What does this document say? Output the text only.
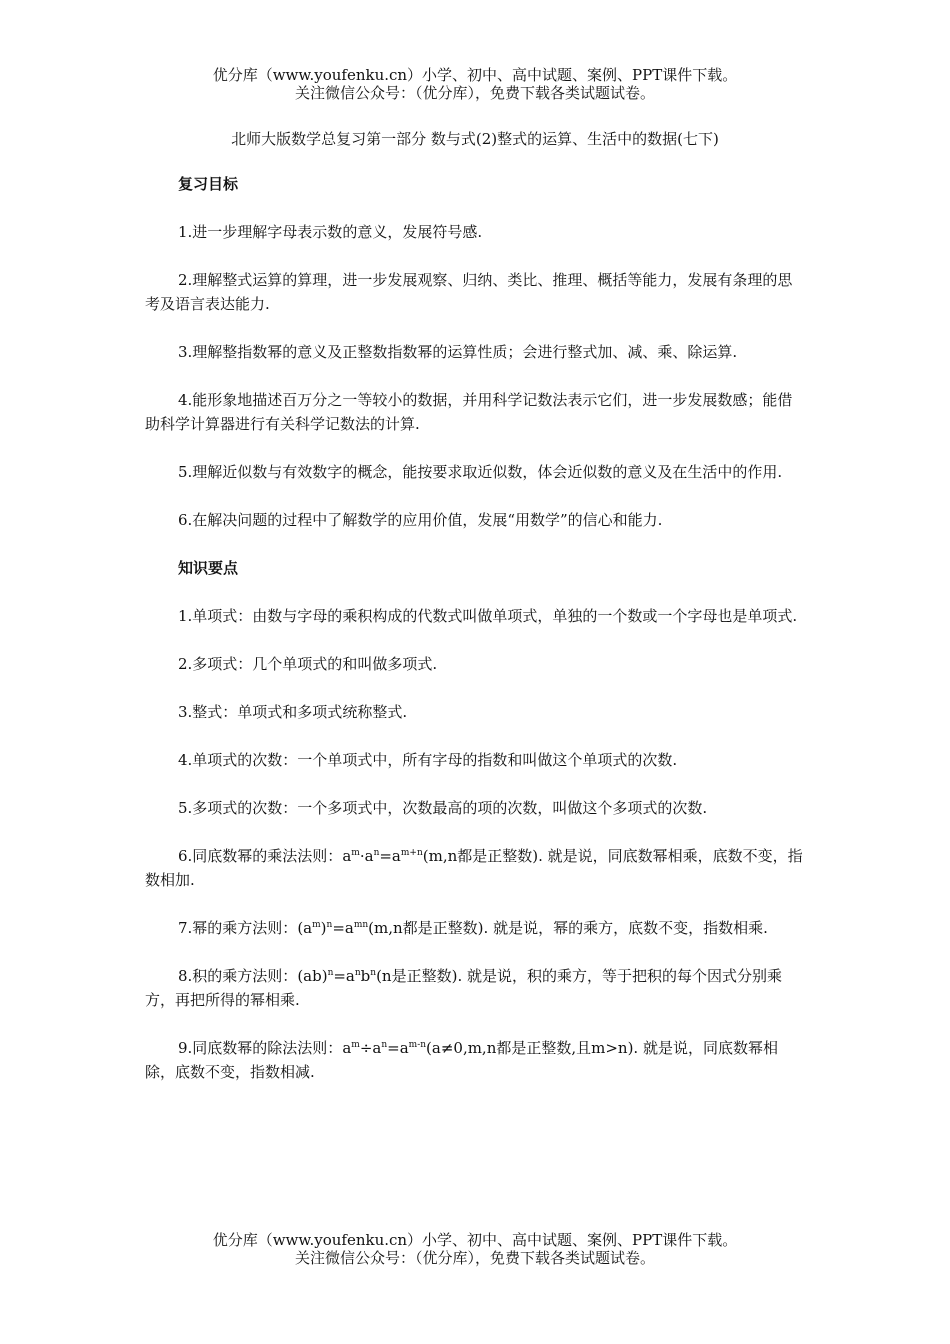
优分库（www.youfenku.cn）小学、初中、高中试题、案例、PPT课件下载。
关注微信公众号：（优分库），免费下载各类试题试卷。
北师大版数学总复习第一部分 数与式(2)整式的运算、生活中的数据(七下)

复习目标

1.进一步理解字母表示数的意义，发展符号感.

2.理解整式运算的算理，进一步发展观察、归纳、类比、推理、概括等能力，发展有条理的思考及语言表达能力.

3.理解整指数幂的意义及正整数指数幂的运算性质；会进行整式加、减、乘、除运算.

4.能形象地描述百万分之一等较小的数据，并用科学记数法表示它们，进一步发展数感；能借助科学计算器进行有关科学记数法的计算.

5.理解近似数与有效数字的概念，能按要求取近似数，体会近似数的意义及在生活中的作用.

6.在解决问题的过程中了解数学的应用价值，发展“用数学”的信心和能力.

知识要点

1.单项式：由数与字母的乘积构成的代数式叫做单项式，单独的一个数或一个字母也是单项式.

2.多项式：几个单项式的和叫做多项式.

3.整式：单项式和多项式统称整式.

4.单项式的次数：一个单项式中，所有字母的指数和叫做这个单项式的次数.

5.多项式的次数：一个多项式中，次数最高的项的次数，叫做这个多项式的次数.

6.同底数幂的乘法法则：$a^m\cdot a^n=a^{m+n}(m,n$都是正整数). 就是说，同底数幂相乘，底数不变，指数相加.

7.幂的乘方法则：$(a^m)^n=a^{mn}(m,n$都是正整数). 就是说，幂的乘方，底数不变，指数相乘.

8.积的乘方法则：$(ab)^n=a^nb^n(n$是正整数). 就是说，积的乘方，等于把积的每个因式分别乘方，再把所得的幂相乘.

9.同底数幂的除法法则：$a^m\div a^n=a^{m-n}(a\ne 0,m,n$都是正整数,且m>n). 就是说，同底数幂相除，底数不变，指数相减.

优分库（www.youfenku.cn）小学、初中、高中试题、案例、PPT课件下载。
关注微信公众号：（优分库），免费下载各类试题试卷。
